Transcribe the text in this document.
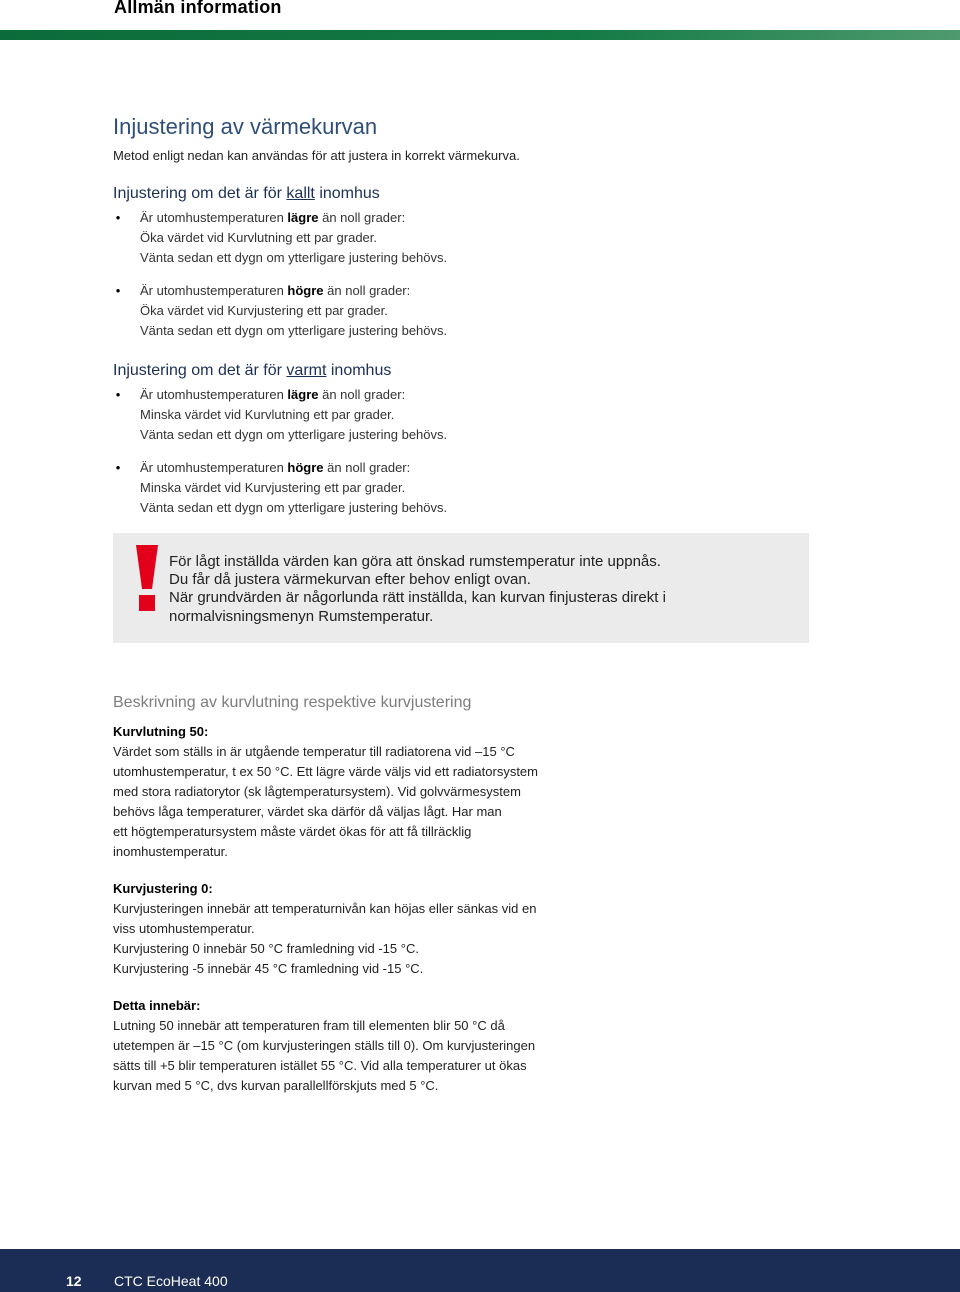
Allmän information
Injustering av värmekurvan
Metod enligt nedan kan användas för att justera in korrekt värmekurva.
Injustering om det är för kallt inomhus
• Är utomhustemperaturen lägre än noll grader:
Öka värdet vid Kurvlutning ett par grader.
Vänta sedan ett dygn om ytterligare justering behövs.
• Är utomhustemperaturen högre än noll grader:
Öka värdet vid Kurvjustering ett par grader.
Vänta sedan ett dygn om ytterligare justering behövs.
Injustering om det är för varmt inomhus
• Är utomhustemperaturen lägre än noll grader:
Minska värdet vid Kurvlutning ett par grader.
Vänta sedan ett dygn om ytterligare justering behövs.
• Är utomhustemperaturen högre än noll grader:
Minska värdet vid Kurvjustering ett par grader.
Vänta sedan ett dygn om ytterligare justering behövs.
För lågt inställda värden kan göra att önskad rumstemperatur inte uppnås.
Du får då justera värmekurvan efter behov enligt ovan.
När grundvärden är någorlunda rätt inställda, kan kurvan finjusteras direkt i
normalvisningsmenyn Rumstemperatur.
Beskrivning av kurvlutning respektive kurvjustering
Kurvlutning 50:
Värdet som ställs in är utgående temperatur till radiatorena vid –15 °C
utomhustemperatur, t ex 50 °C. Ett lägre värde väljs vid ett radiatorsystem
med stora radiatorytor (sk lågtemperatursystem). Vid golvvärmesystem
behövs låga temperaturer, värdet ska därför då väljas lågt. Har man
ett högtemperatursystem måste värdet ökas för att få tillräcklig
inomhustemperatur.
Kurvjustering 0:
Kurvjusteringen innebär att temperaturnivån kan höjas eller sänkas vid en
viss utomhustemperatur.
Kurvjustering 0 innebär 50 °C framledning vid -15 °C.
Kurvjustering -5 innebär 45 °C framledning vid -15 °C.
Detta innebär:
Lutning 50 innebär att temperaturen fram till elementen blir 50 °C då
utetempen är –15 °C (om kurvjusteringen ställs till 0). Om kurvjusteringen
sätts till +5 blir temperaturen istället 55 °C. Vid alla temperaturer ut ökas
kurvan med 5 °C, dvs kurvan parallellförskjuts med 5 °C.
12 CTC EcoHeat 400
